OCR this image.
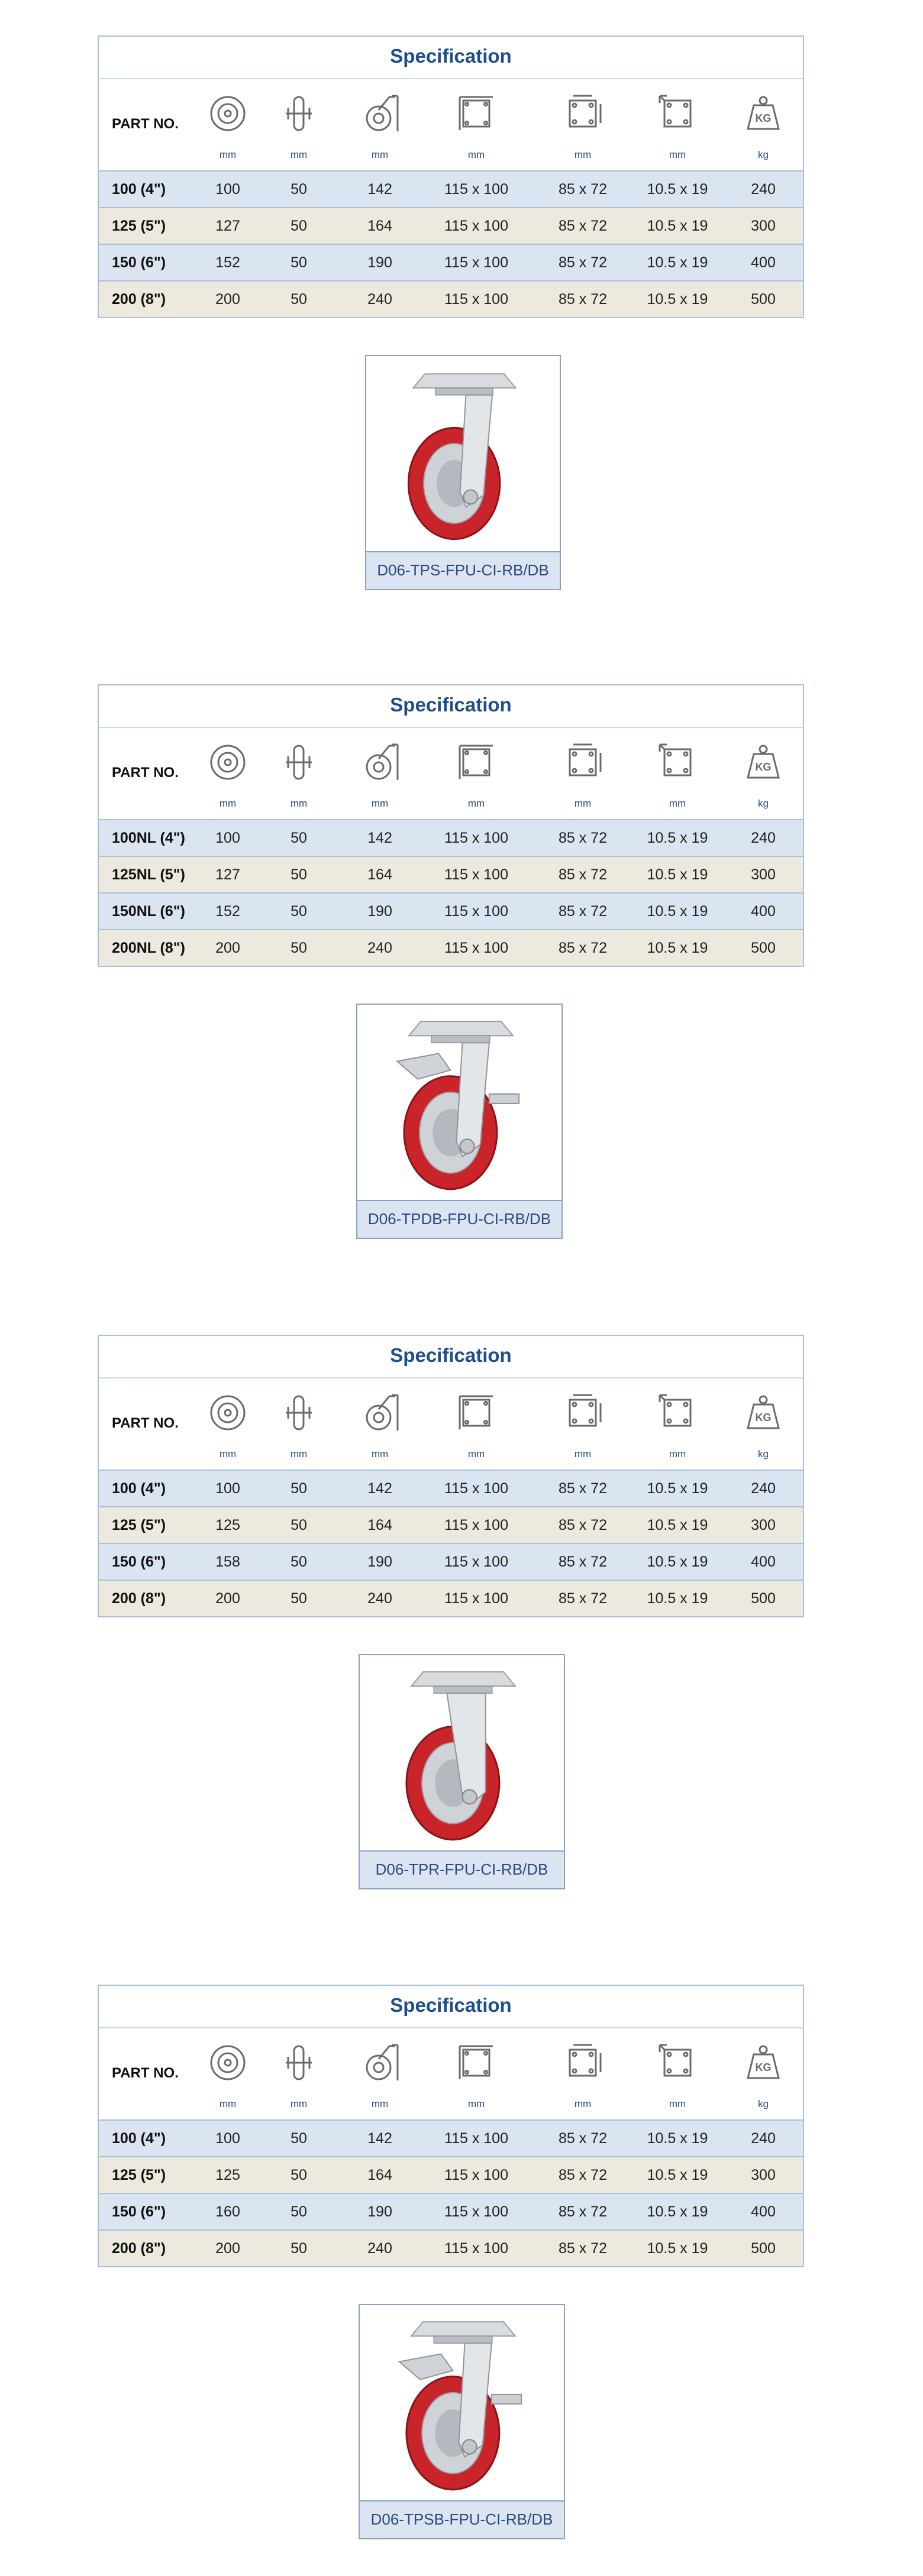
Specification
PART NO.	KG
mm	mm	mm	mm	mm	mm	kg
100 (4")	100	50	142	115 x 100	85 x 72	10.5 x 19	240
125 (5")	127	50	164	115 x 100	85 x 72	10.5 x 19	300
150 (6")	152	50	190	115 x 100	85 x 72	10.5 x 19	400
200 (8")	200	50	240	115 x 100	85 x 72	10.5 x 19	500
D06-TPS-FPU-CI-RB/DB
Specification
PART NO.	KG
mm	mm	mm	mm	mm	mm	kg
100NL (4")	100	50	142	115 x 100	85 x 72	10.5 x 19	240
125NL (5")	127	50	164	115 x 100	85 x 72	10.5 x 19	300
150NL (6")	152	50	190	115 x 100	85 x 72	10.5 x 19	400
200NL (8")	200	50	240	115 x 100	85 x 72	10.5 x 19	500
D06-TPDB-FPU-CI-RB/DB
Specification
PART NO.	KG
mm	mm	mm	mm	mm	mm	kg
100 (4")	100	50	142	115 x 100	85 x 72	10.5 x 19	240
125 (5")	125	50	164	115 x 100	85 x 72	10.5 x 19	300
150 (6")	158	50	190	115 x 100	85 x 72	10.5 x 19	400
200 (8")	200	50	240	115 x 100	85 x 72	10.5 x 19	500
D06-TPR-FPU-CI-RB/DB
Specification
PART NO.	KG
mm	mm	mm	mm	mm	mm	kg
100 (4")	100	50	142	115 x 100	85 x 72	10.5 x 19	240
125 (5")	125	50	164	115 x 100	85 x 72	10.5 x 19	300
150 (6")	160	50	190	115 x 100	85 x 72	10.5 x 19	400
200 (8")	200	50	240	115 x 100	85 x 72	10.5 x 19	500
D06-TPSB-FPU-CI-RB/DB
